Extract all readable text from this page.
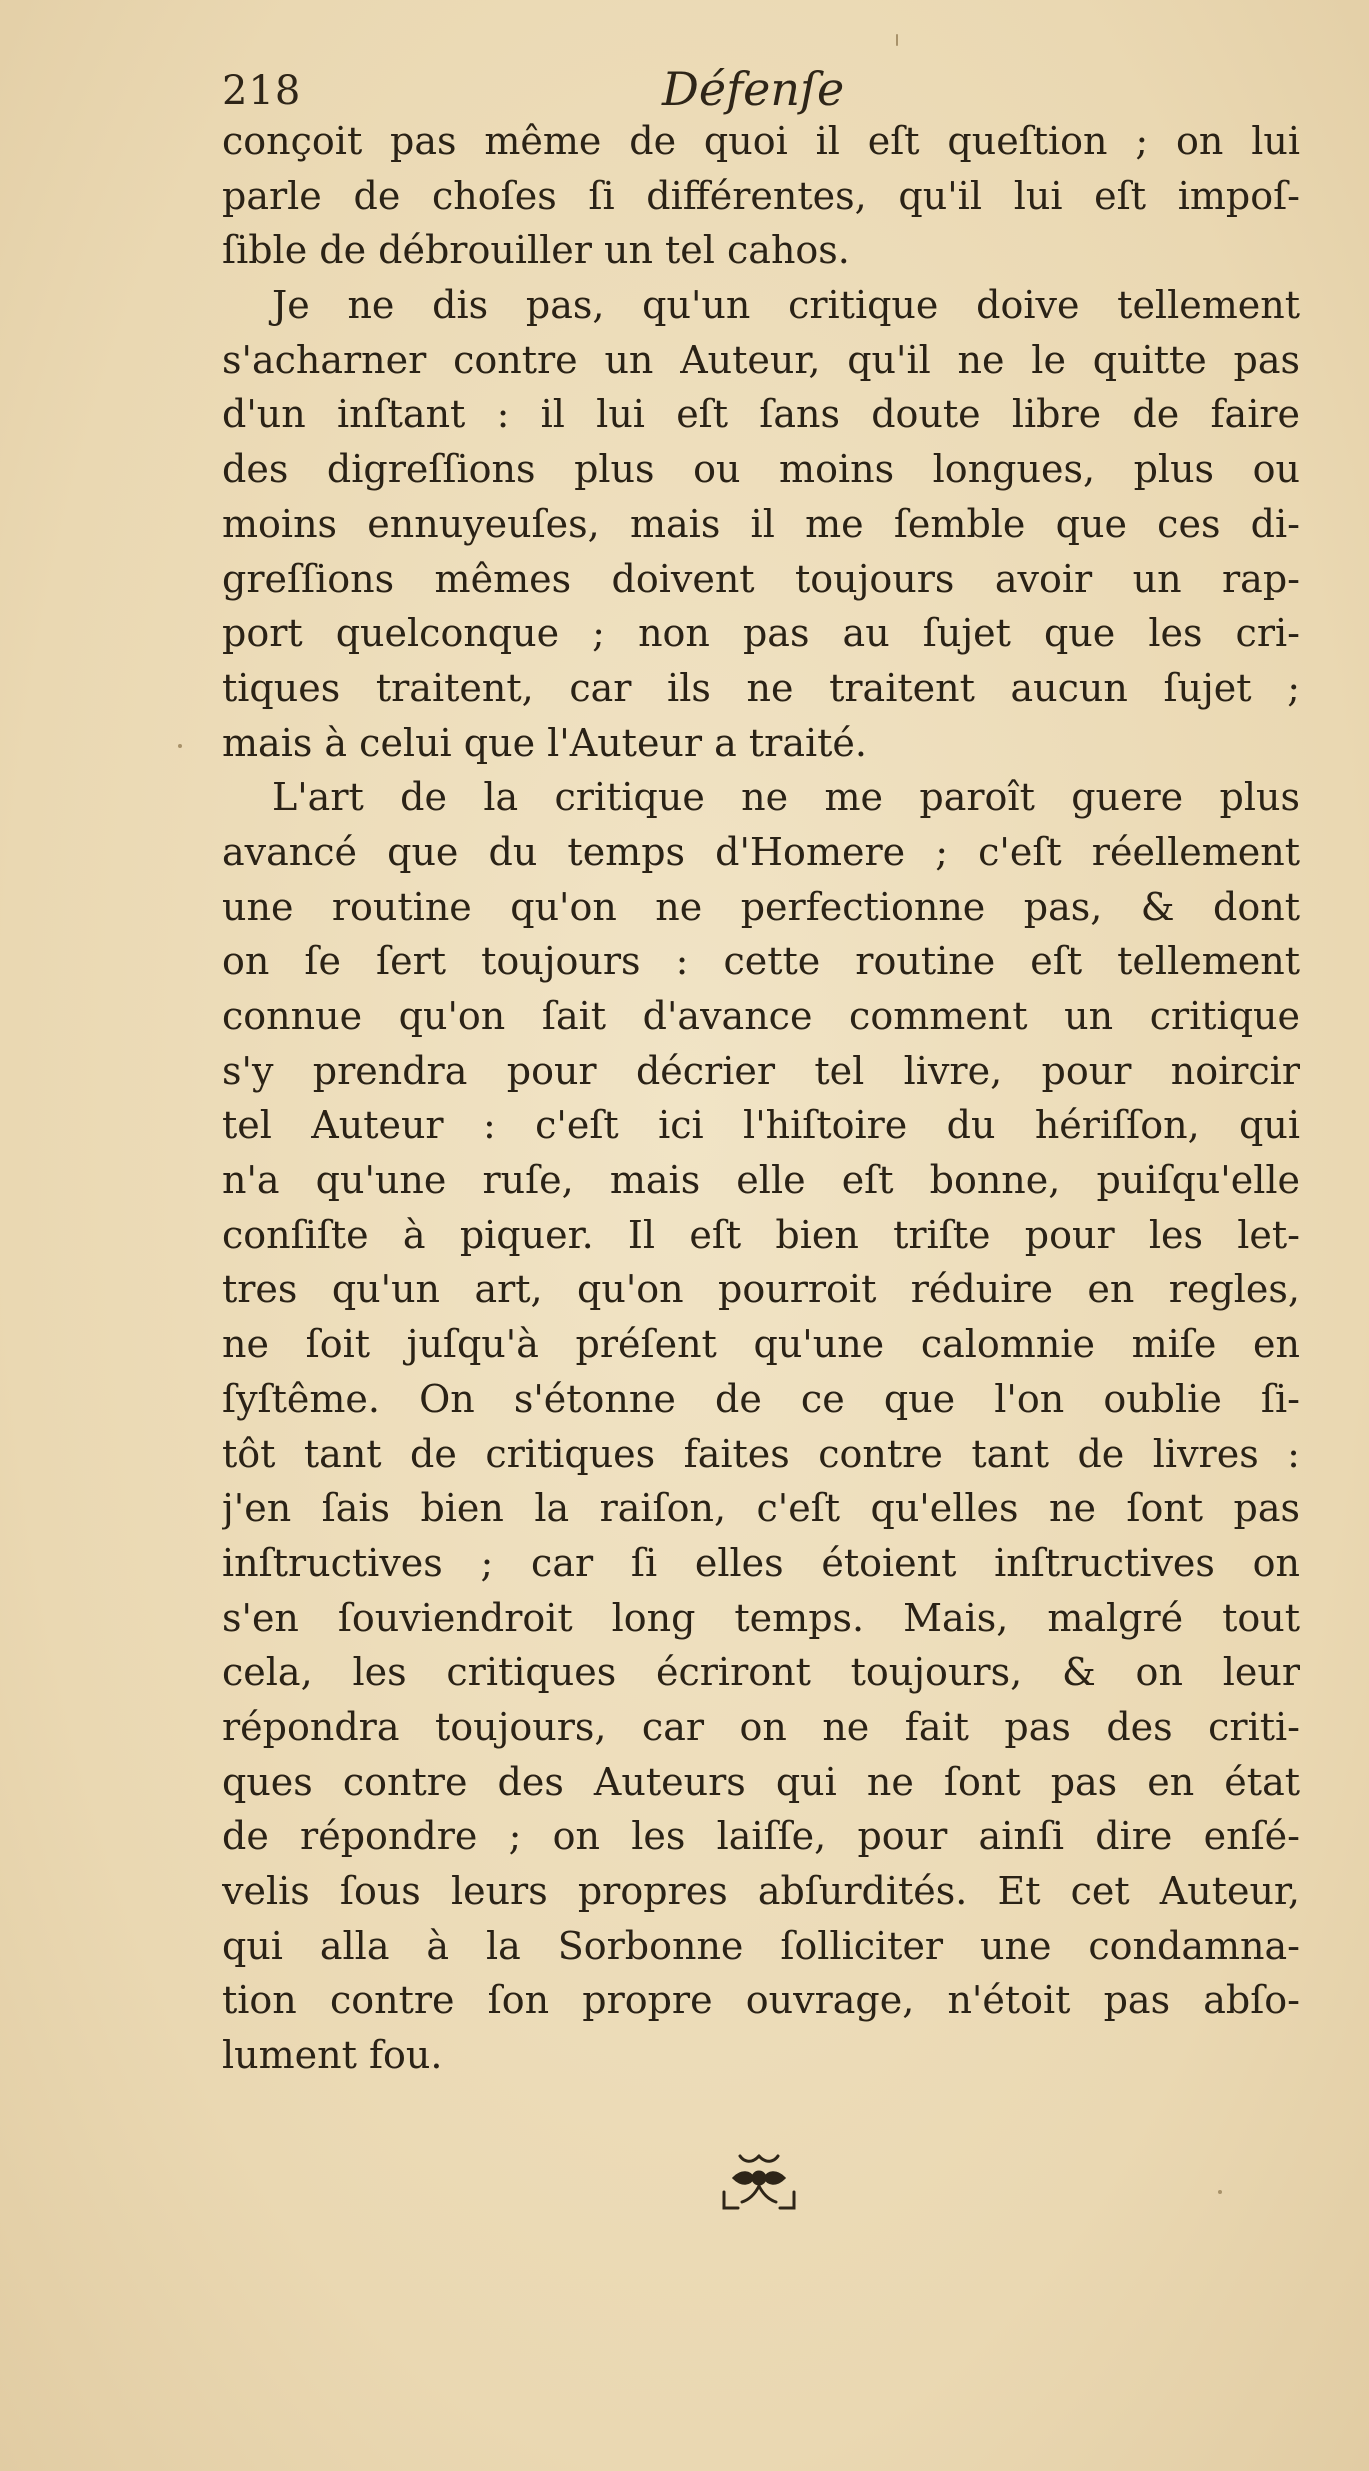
218	Défenſe
conçoit pas même de quoi il eſt queſtion ; on lui
parle de choſes ſi différentes, qu'il lui eſt impoſ-
ſible de débrouiller un tel cahos.
Je ne dis pas, qu'un critique doive tellement
s'acharner contre un Auteur, qu'il ne le quitte pas
d'un inſtant : il lui eſt ſans doute libre de faire
des digreſſions plus ou moins longues, plus ou
moins ennuyeuſes, mais il me ſemble que ces di-
greſſions mêmes doivent toujours avoir un rap-
port quelconque ; non pas au ſujet que les cri-
tiques traitent, car ils ne traitent aucun ſujet ;
mais à celui que l'Auteur a traité.
L'art de la critique ne me paroît guere plus
avancé que du temps d'Homere ; c'eſt réellement
une routine qu'on ne perfectionne pas, & dont
on ſe ſert toujours : cette routine eſt tellement
connue qu'on ſait d'avance comment un critique
s'y prendra pour décrier tel livre, pour noircir
tel Auteur : c'eſt ici l'hiſtoire du hériſſon, qui
n'a qu'une ruſe, mais elle eſt bonne, puiſqu'elle
conſiſte à piquer. Il eſt bien triſte pour les let-
tres qu'un art, qu'on pourroit réduire en regles,
ne ſoit juſqu'à préſent qu'une calomnie miſe en
ſyſtême. On s'étonne de ce que l'on oublie ſi-
tôt tant de critiques faites contre tant de livres :
j'en ſais bien la raiſon, c'eſt qu'elles ne ſont pas
inſtructives ; car ſi elles étoient inſtructives on
s'en ſouviendroit long temps. Mais, malgré tout
cela, les critiques écriront toujours, & on leur
répondra toujours, car on ne fait pas des criti-
ques contre des Auteurs qui ne ſont pas en état
de répondre ; on les laiſſe, pour ainſi dire enſé-
velis ſous leurs propres abſurdités. Et cet Auteur,
qui alla à la Sorbonne ſolliciter une condamna-
tion contre ſon propre ouvrage, n'étoit pas abſo-
lument fou.
